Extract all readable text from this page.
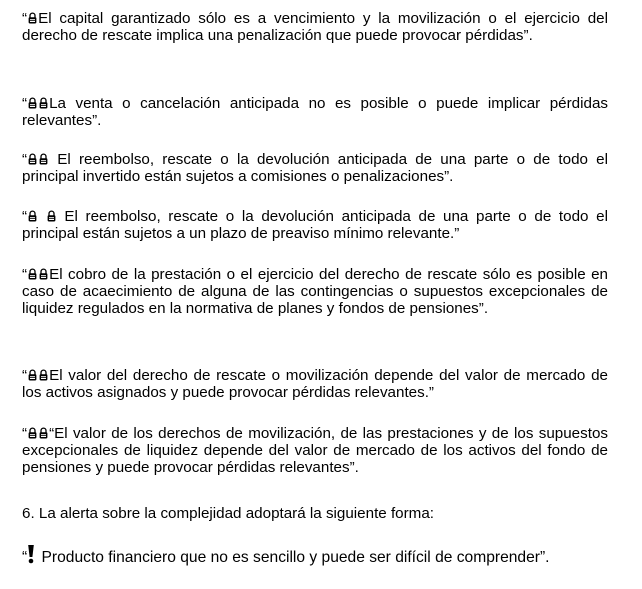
“ El capital garantizado sólo es a vencimiento y la movilización o el ejercicio del derecho de rescate implica una penalización que puede provocar pérdidas”.

“ La venta o cancelación anticipada no es posible o puede implicar pérdidas relevantes”.

“ El reembolso, rescate o la devolución anticipada de una parte o de todo el principal invertido están sujetos a comisiones o penalizaciones”.

“
El reembolso, rescate o la devolución anticipada de una parte o de todo el principal están sujetos a un plazo de preaviso mínimo relevante.”

“ El cobro de la prestación o el ejercicio del derecho de rescate sólo es posible en caso de acaecimiento de alguna de las contingencias o supuestos excepcionales de liquidez regulados en la normativa de planes y fondos de pensiones”.

“ El valor del derecho de rescate o movilización depende del valor de mercado de los activos asignados y puede provocar pérdidas relevantes.”

“ “El valor de los derechos de movilización, de las prestaciones y de los supuestos excepcionales de liquidez depende del valor de mercado de los activos del fondo de pensiones y puede provocar pérdidas relevantes”.

6. La alerta sobre la complejidad adoptará la siguiente forma:

“
Producto financiero que no es sencillo y puede ser difícil de comprender”.
